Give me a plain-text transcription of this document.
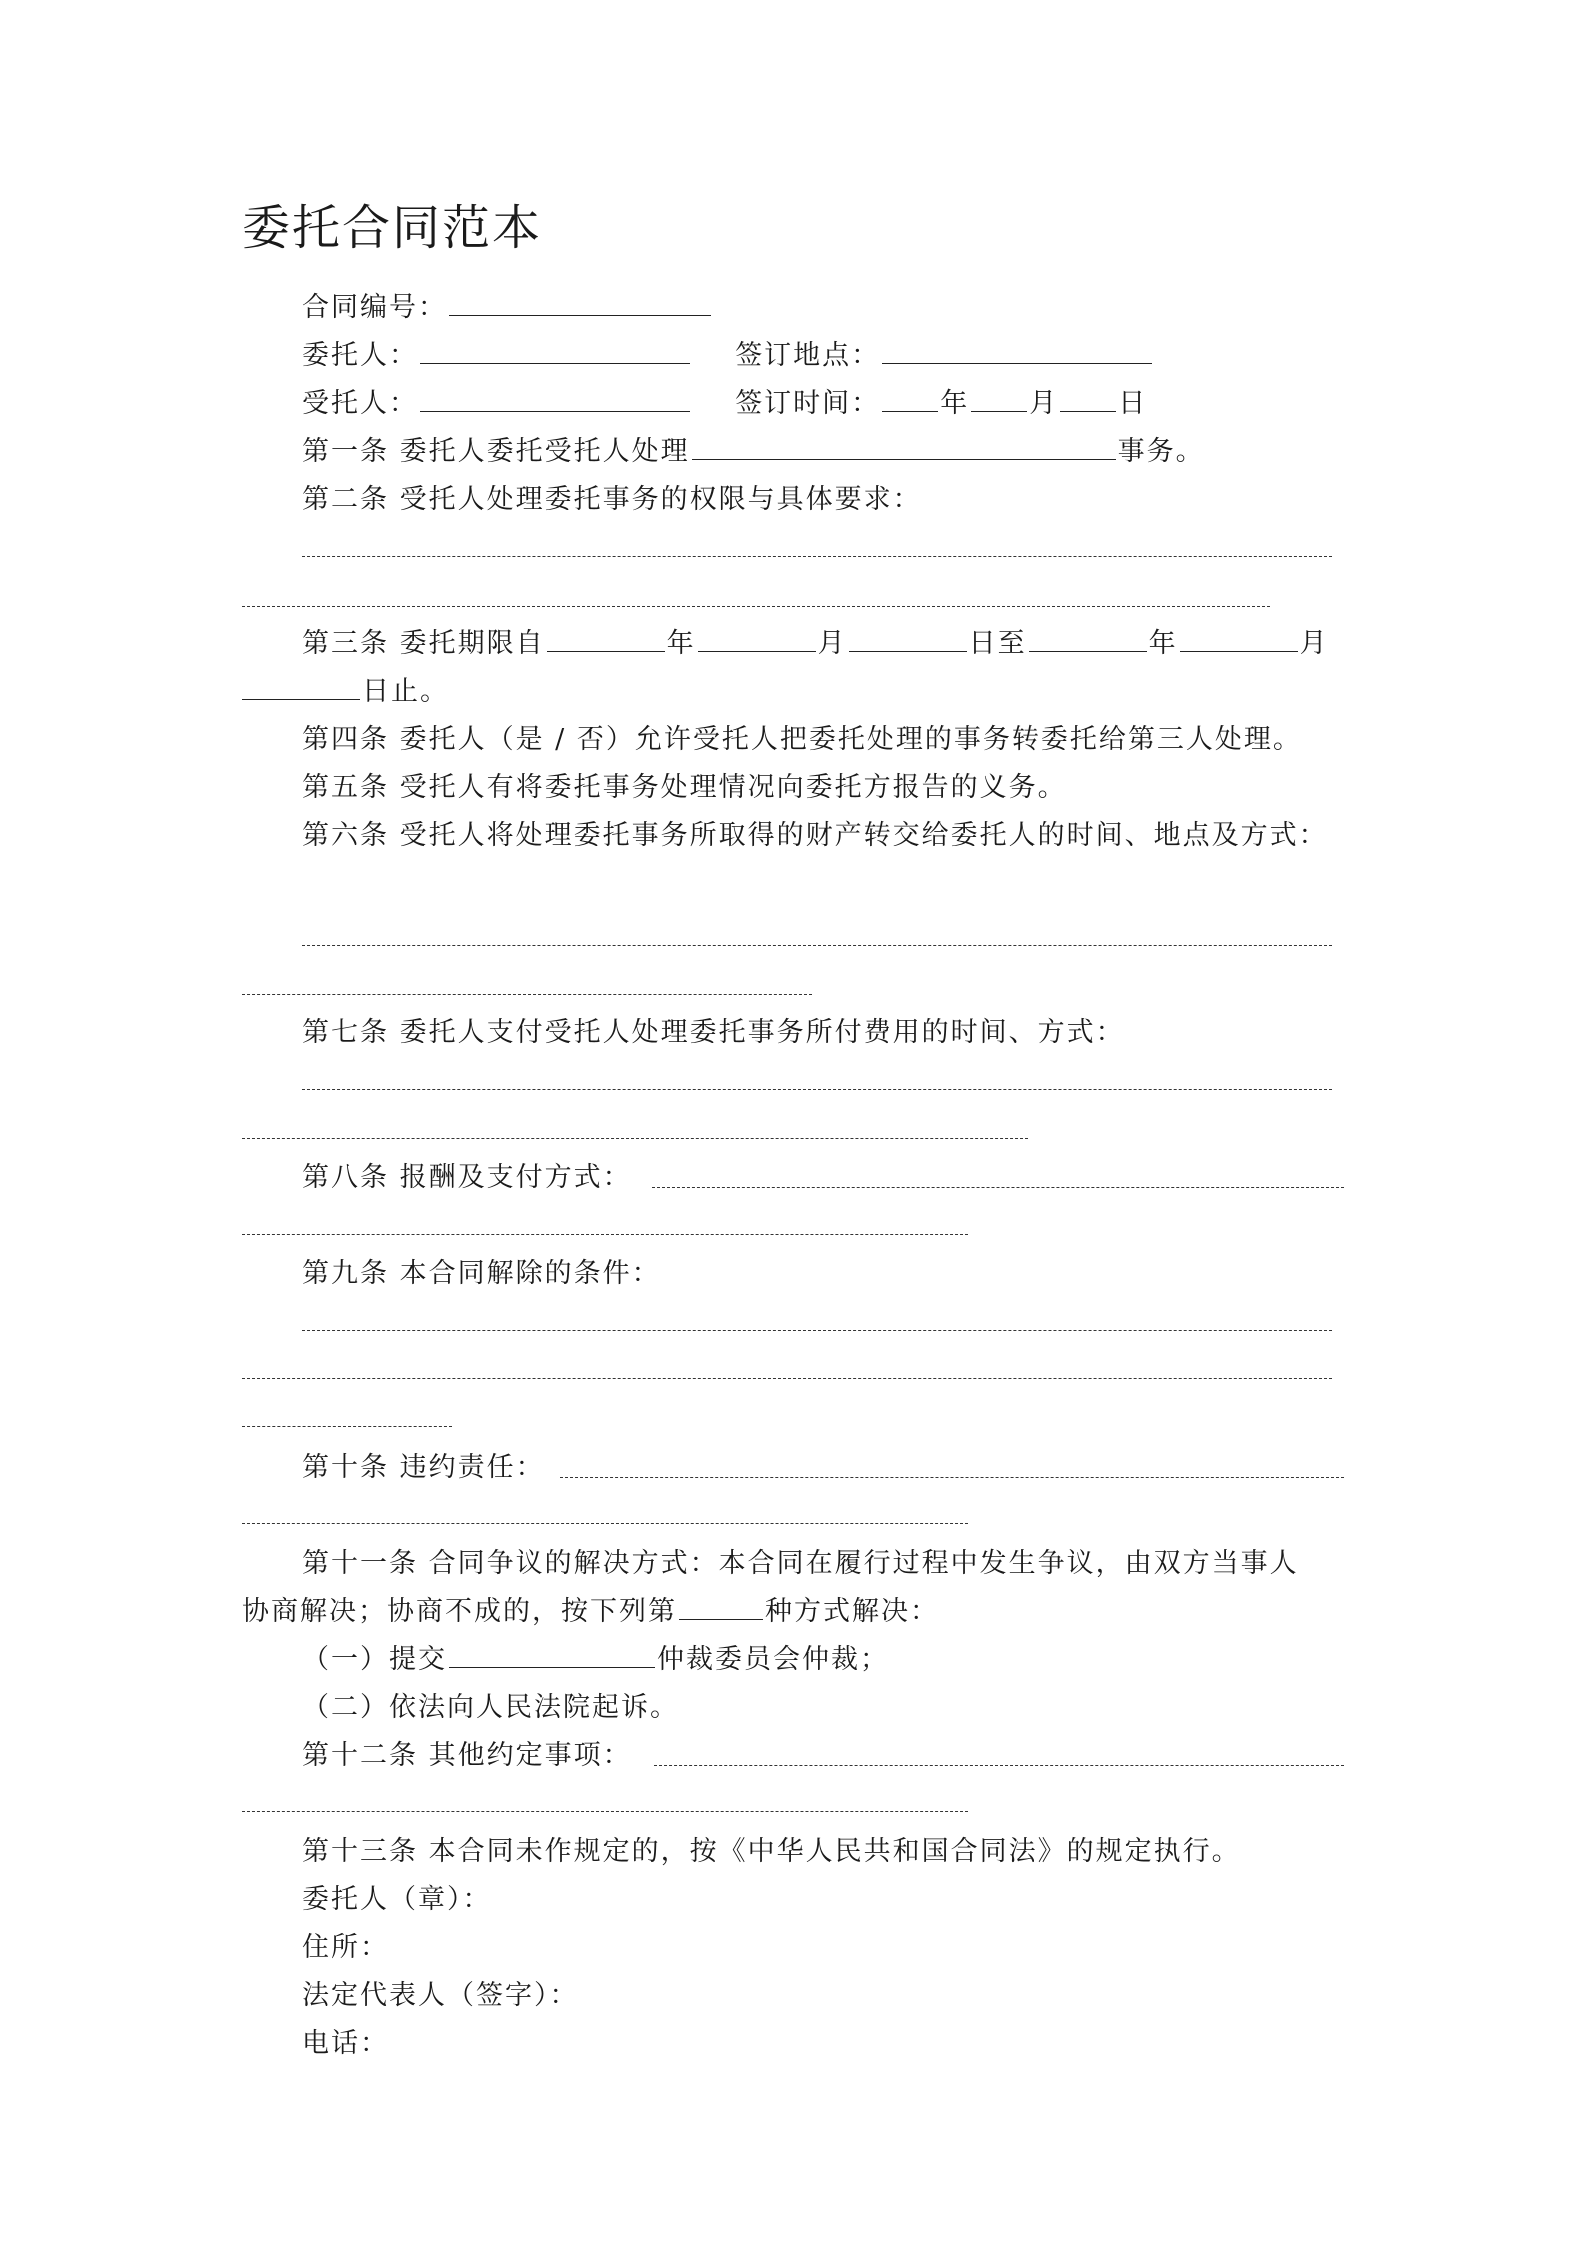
委托合同范本
合同编号：
委托人：	签订地点：
受托人：	签订时间： 年 月 日
第一条 委托人委托受托人处理	事务。
第二条 受托人处理委托事务的权限与具体要求：
第三条 委托期限自	年	月	日至	年	月
日止。
第四条 委托人（是 / 否）允许受托人把委托处理的事务转委托给第三人处理。
第五条 受托人有将委托事务处理情况向委托方报告的义务。
第六条 受托人将处理委托事务所取得的财产转交给委托人的时间、地点及方式：
第七条 委托人支付受托人处理委托事务所付费用的时间、方式：
第八条 报酬及支付方式：
第九条 本合同解除的条件：
第十条 违约责任：
第十一条 合同争议的解决方式：本合同在履行过程中发生争议，由双方当事人
协商解决；协商不成的，按下列第	种方式解决：
（一）提交	仲裁委员会仲裁；
（二）依法向人民法院起诉。
第十二条 其他约定事项：
第十三条 本合同未作规定的，按《中华人民共和国合同法》的规定执行。
委托人（章）：
住所：
法定代表人（签字）：
电话：
